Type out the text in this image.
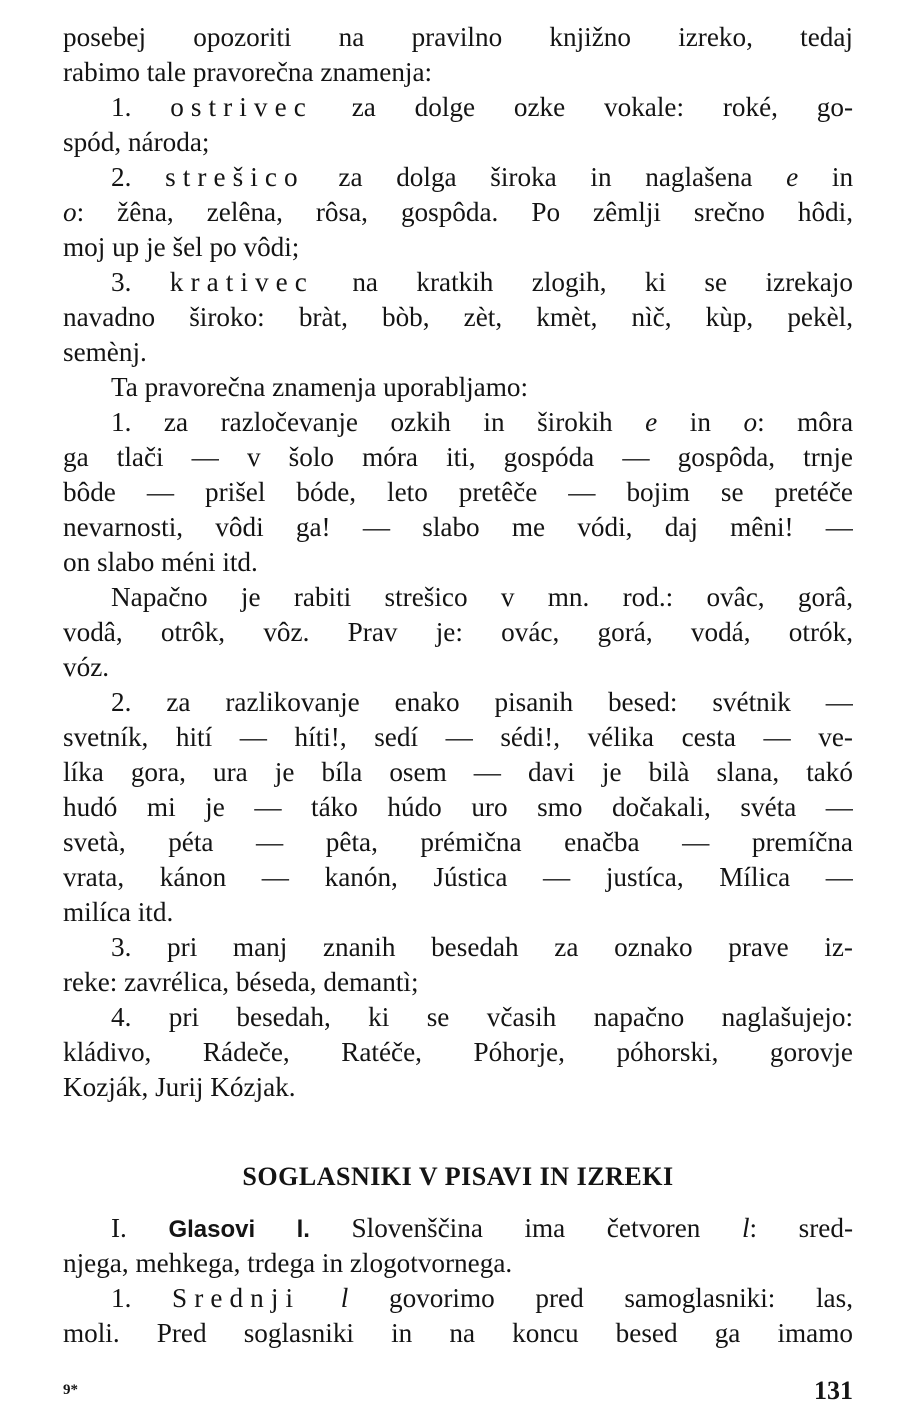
posebej opozoriti na pravilno knjižno izreko, tedaj
rabimo tale pravorečna znamenja:
1. ostrivec za dolge ozke vokale: roké, go-
spód, národa;
2. strešico za dolga široka in naglašena e in
o: žêna, zelêna, rôsa, gospôda. Po zêmlji srečno hôdi,
moj up je šel po vôdi;
3. krativec na kratkih zlogih, ki se izrekajo
navadno široko: bràt, bòb, zèt, kmèt, nìč, kùp, pekèl,
semènj.
Ta pravorečna znamenja uporabljamo:
1. za razločevanje ozkih in širokih e in o: môra
ga tlači — v šolo móra iti, gospóda — gospôda, trnje
bôde — prišel bóde, leto pretêče — bojim se pretéče
nevarnosti, vôdi ga! — slabo me vódi, daj mêni! —
on slabo méni itd.
Napačno je rabiti strešico v mn. rod.: ovâc, gorâ,
vodâ, otrôk, vôz. Prav je: ovác, gorá, vodá, otrók,
vóz.
2. za razlikovanje enako pisanih besed: svétnik —
svetník, hití — híti!, sedí — sédi!, vélika cesta — ve-
líka gora, ura je bíla osem — davi je bilà slana, takó
hudó mi je — táko húdo uro smo dočakali, svéta —
svetà, péta — pêta, prémična enačba — premíčna
vrata, kánon — kanón, Jústica — justíca, Mílica —
milíca itd.
3. pri manj znanih besedah za oznako prave iz-
reke: zavrélica, béseda, demantì;
4. pri besedah, ki se včasih napačno naglašujejo:
kládivo, Rádeče, Ratéče, Póhorje, póhorski, gorovje
Kozják, Jurij Kózjak.
SOGLASNIKI V PISAVI IN IZREKI
I. Glasovi l. Slovenščina ima četvoren l: sred-
njega, mehkega, trdega in zlogotvornega.
1. Srednji l govorimo pred samoglasniki: las,
moli. Pred soglasniki in na koncu besed ga imamo
9*	131
